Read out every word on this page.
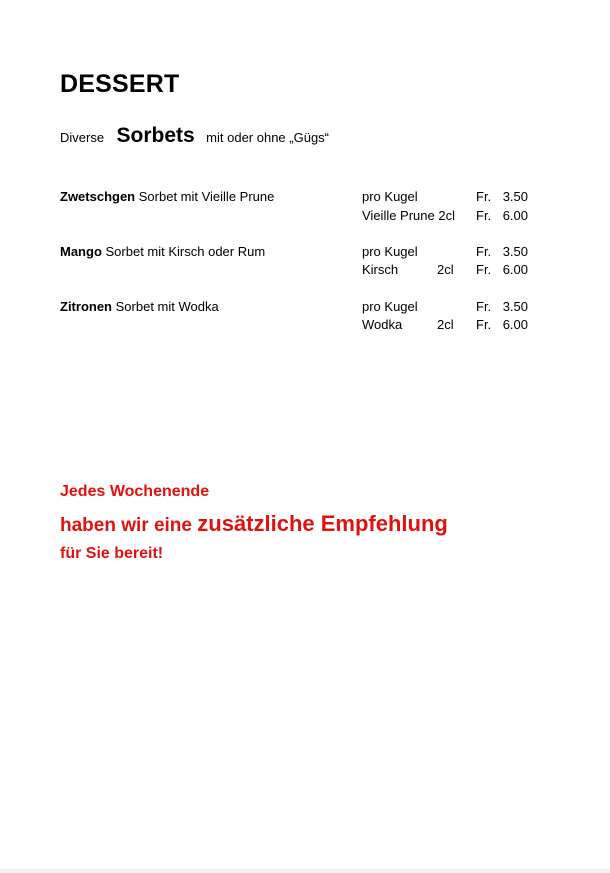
DESSERT
Diverse Sorbets mit oder ohne „Gügs“
Zwetschgen Sorbet mit Vieille Prune	pro Kugel	Fr. 3.50
Vieille Prune 2cl Fr. 6.00
Mango Sorbet mit Kirsch oder Rum	pro Kugel	Fr. 3.50
Kirsch	2cl Fr. 6.00
Zitronen Sorbet mit Wodka	pro Kugel	Fr. 3.50
Wodka	2cl Fr. 6.00
Jedes Wochenende
haben wir eine zusätzliche Empfehlung
für Sie bereit!
